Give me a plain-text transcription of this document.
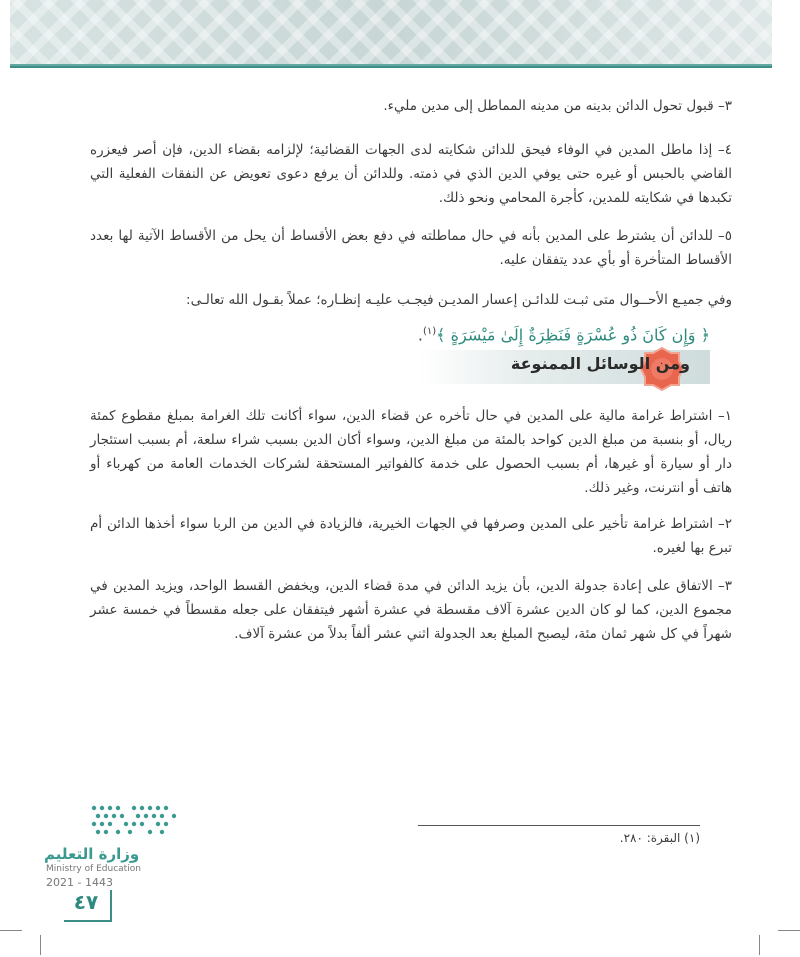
٣– قبول تحول الدائن بدينه من مدينه المماطل إلى مدين مليء.

٤– إذا ماطل المدين في الوفاء فيحق للدائن شكايته لدى الجهات القضائية؛ لإلزامه بقضاء الدين، فإن أصر فيعزره القاضي بالحبس أو غيره حتى يوفي الدين الذي في ذمته. وللدائن أن يرفع دعوى تعويض عن النفقات الفعلية التي تكبدها في شكايته للمدين، كأجرة المحامي ونحو ذلك.

٥– للدائن أن يشترط على المدين بأنه في حال مماطلته في دفع بعض الأقساط أن يحل من الأقساط الآتية لها بعدد الأقساط المتأخرة أو بأي عدد يتفقان عليه.

وفي جميـع الأحــوال متى ثبـت للدائـن إعسار المديـن فيجـب عليـه إنظـاره؛ عملاً بقـول الله تعالـى:

﴿ وَإِن كَانَ ذُو عُسْرَةٍ فَنَظِرَةٌ إِلَىٰ مَيْسَرَةٍ ﴾$^{(١)}$.
ومن الوسائل الممنوعة

١– اشتراط غرامة مالية على المدين في حال تأخره عن قضاء الدين، سواء أكانت تلك الغرامة بمبلغ مقطوع كمئة ريال، أو بنسبة من مبلغ الدين كواحد بالمئة من مبلغ الدين، وسواء أكان الدين بسبب شراء سلعة، أم بسبب استئجار دار أو سيارة أو غيرها، أم بسبب الحصول على خدمة كالفواتير المستحقة لشركات الخدمات العامة من كهرباء أو هاتف أو انترنت، وغير ذلك.

٢– اشتراط غرامة تأخير على المدين وصرفها في الجهات الخيرية، فالزيادة في الدين من الربا سواء أخذها الدائن أم تبرع بها لغيره.

٣– الاتفاق على إعادة جدولة الدين، بأن يزيد الدائن في مدة قضاء الدين، ويخفض القسط الواحد، ويزيد المدين في مجموع الدين، كما لو كان الدين عشرة آلاف مقسطة في عشرة أشهر فيتفقان على جعله مقسطاً في خمسة عشر شهراً في كل شهر ثمان مئة، ليصبح المبلغ بعد الجدولة اثني عشر ألفاً بدلاً من عشرة آلاف.

(١) البقرة: ٢٨٠.
وزارة التعليم
Ministry of Education
2021 - 1443
٤٧
